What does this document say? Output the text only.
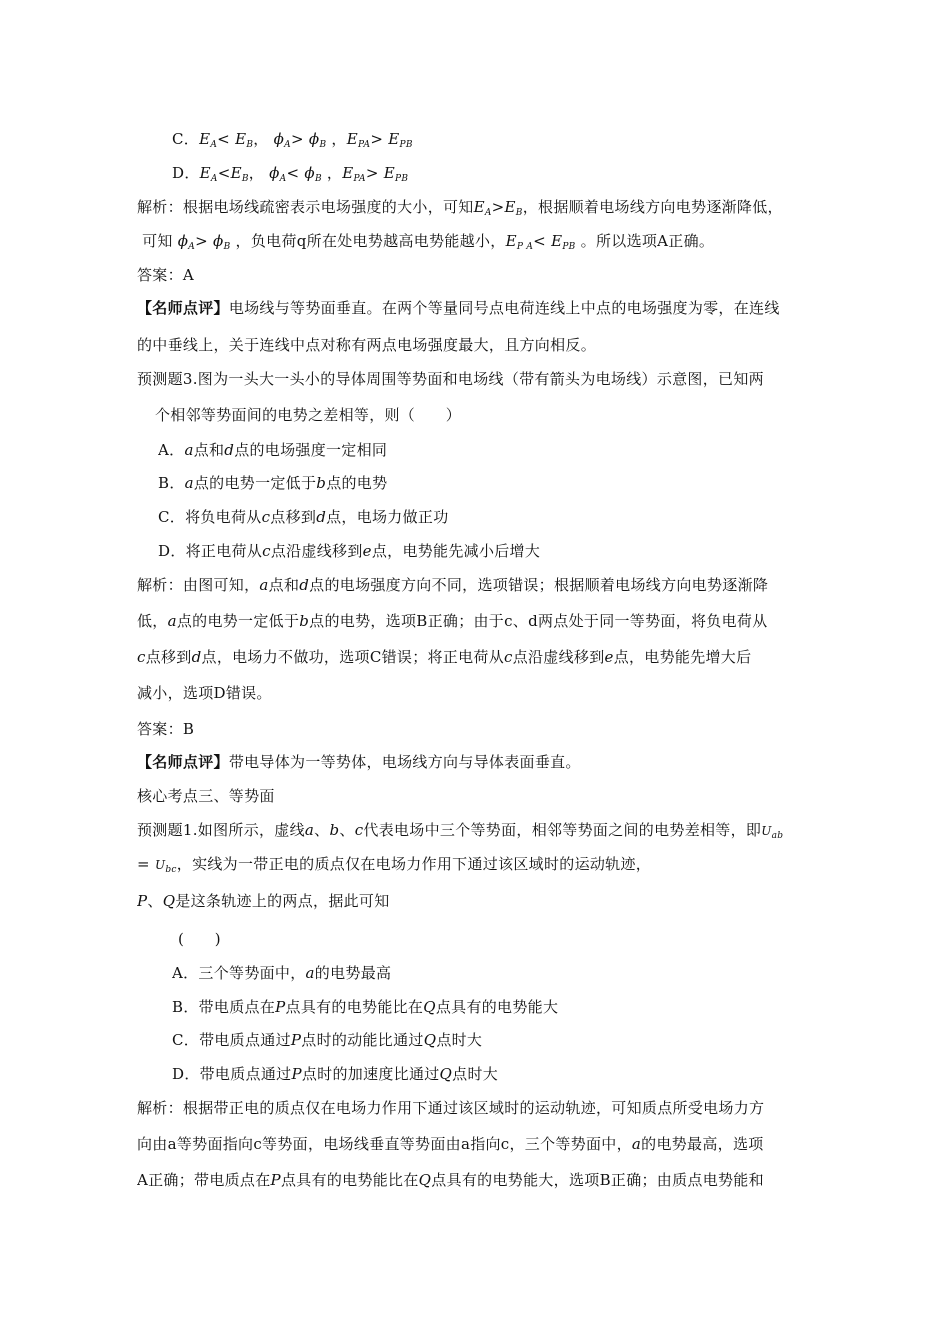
C．$E_A< E_B$， $\phi_A> \phi_B$ ，$E_{PA}> E_{PB}$
D．$E_A<E_B$， $\phi_A< \phi_B$ ，$E_{PA}> E_{PB}$
解析：根据电场线疏密表示电场强度的大小，可知$E_A>E_B$，根据顺着电场线方向电势逐渐降低，
可知 $\phi_A> \phi_B$ ，负电荷q所在处电势越高电势能越小，$E_{P A}< E_{PB}$ 。所以选项A正确。
答案：A
【名师点评】电场线与等势面垂直。在两个等量同号点电荷连线上中点的电场强度为零，在连线
的中垂线上，关于连线中点对称有两点电场强度最大，且方向相反。
预测题3.图为一头大一头小的导体周围等势面和电场线（带有箭头为电场线）示意图，已知两
个相邻等势面间的电势之差相等，则（　　）
A．a点和d点的电场强度一定相同
B．a点的电势一定低于b点的电势
C．将负电荷从c点移到d点，电场力做正功
D．将正电荷从c点沿虚线移到e点，电势能先减小后增大
解析：由图可知，a点和d点的电场强度方向不同，选项错误；根据顺着电场线方向电势逐渐降
低，a点的电势一定低于b点的电势，选项B正确；由于c、d两点处于同一等势面，将负电荷从
c点移到d点，电场力不做功，选项C错误；将正电荷从c点沿虚线移到e点，电势能先增大后
减小，选项D错误。
答案：B
【名师点评】带电导体为一等势体，电场线方向与导体表面垂直。
核心考点三、等势面
预测题1.如图所示，虚线a、b、c代表电场中三个等势面，相邻等势面之间的电势差相等，即$U_{ab}$
= $U_{bc}$，实线为一带正电的质点仅在电场力作用下通过该区域时的运动轨迹，
P、Q是这条轨迹上的两点，据此可知
(　　)
A．三个等势面中，a的电势最高
B．带电质点在P点具有的电势能比在Q点具有的电势能大
C．带电质点通过P点时的动能比通过Q点时大
D．带电质点通过P点时的加速度比通过Q点时大
解析：根据带正电的质点仅在电场力作用下通过该区域时的运动轨迹，可知质点所受电场力方
向由a等势面指向c等势面，电场线垂直等势面由a指向c，三个等势面中，a的电势最高，选项
A正确；带电质点在P点具有的电势能比在Q点具有的电势能大，选项B正确；由质点电势能和
